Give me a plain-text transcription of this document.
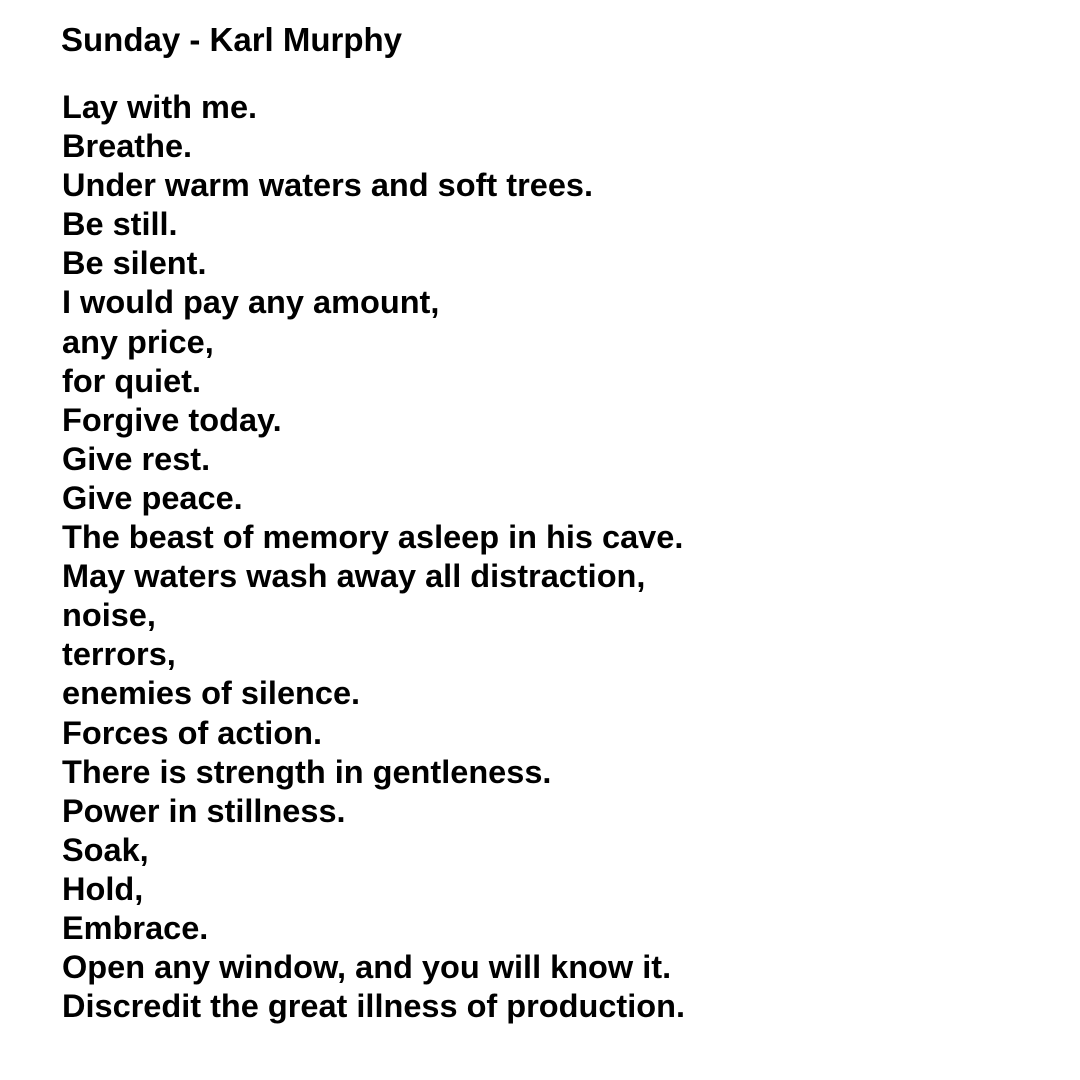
Sunday - Karl Murphy
Lay with me.
Breathe.
Under warm waters and soft trees.
Be still.
Be silent.
I would pay any amount,
any price,
for quiet.
Forgive today.
Give rest.
Give peace.
The beast of memory asleep in his cave.
May waters wash away all distraction,
noise,
terrors,
enemies of silence.
Forces of action.
There is strength in gentleness.
Power in stillness.
Soak,
Hold,
Embrace.
Open any window, and you will know it.
Discredit the great illness of production.
